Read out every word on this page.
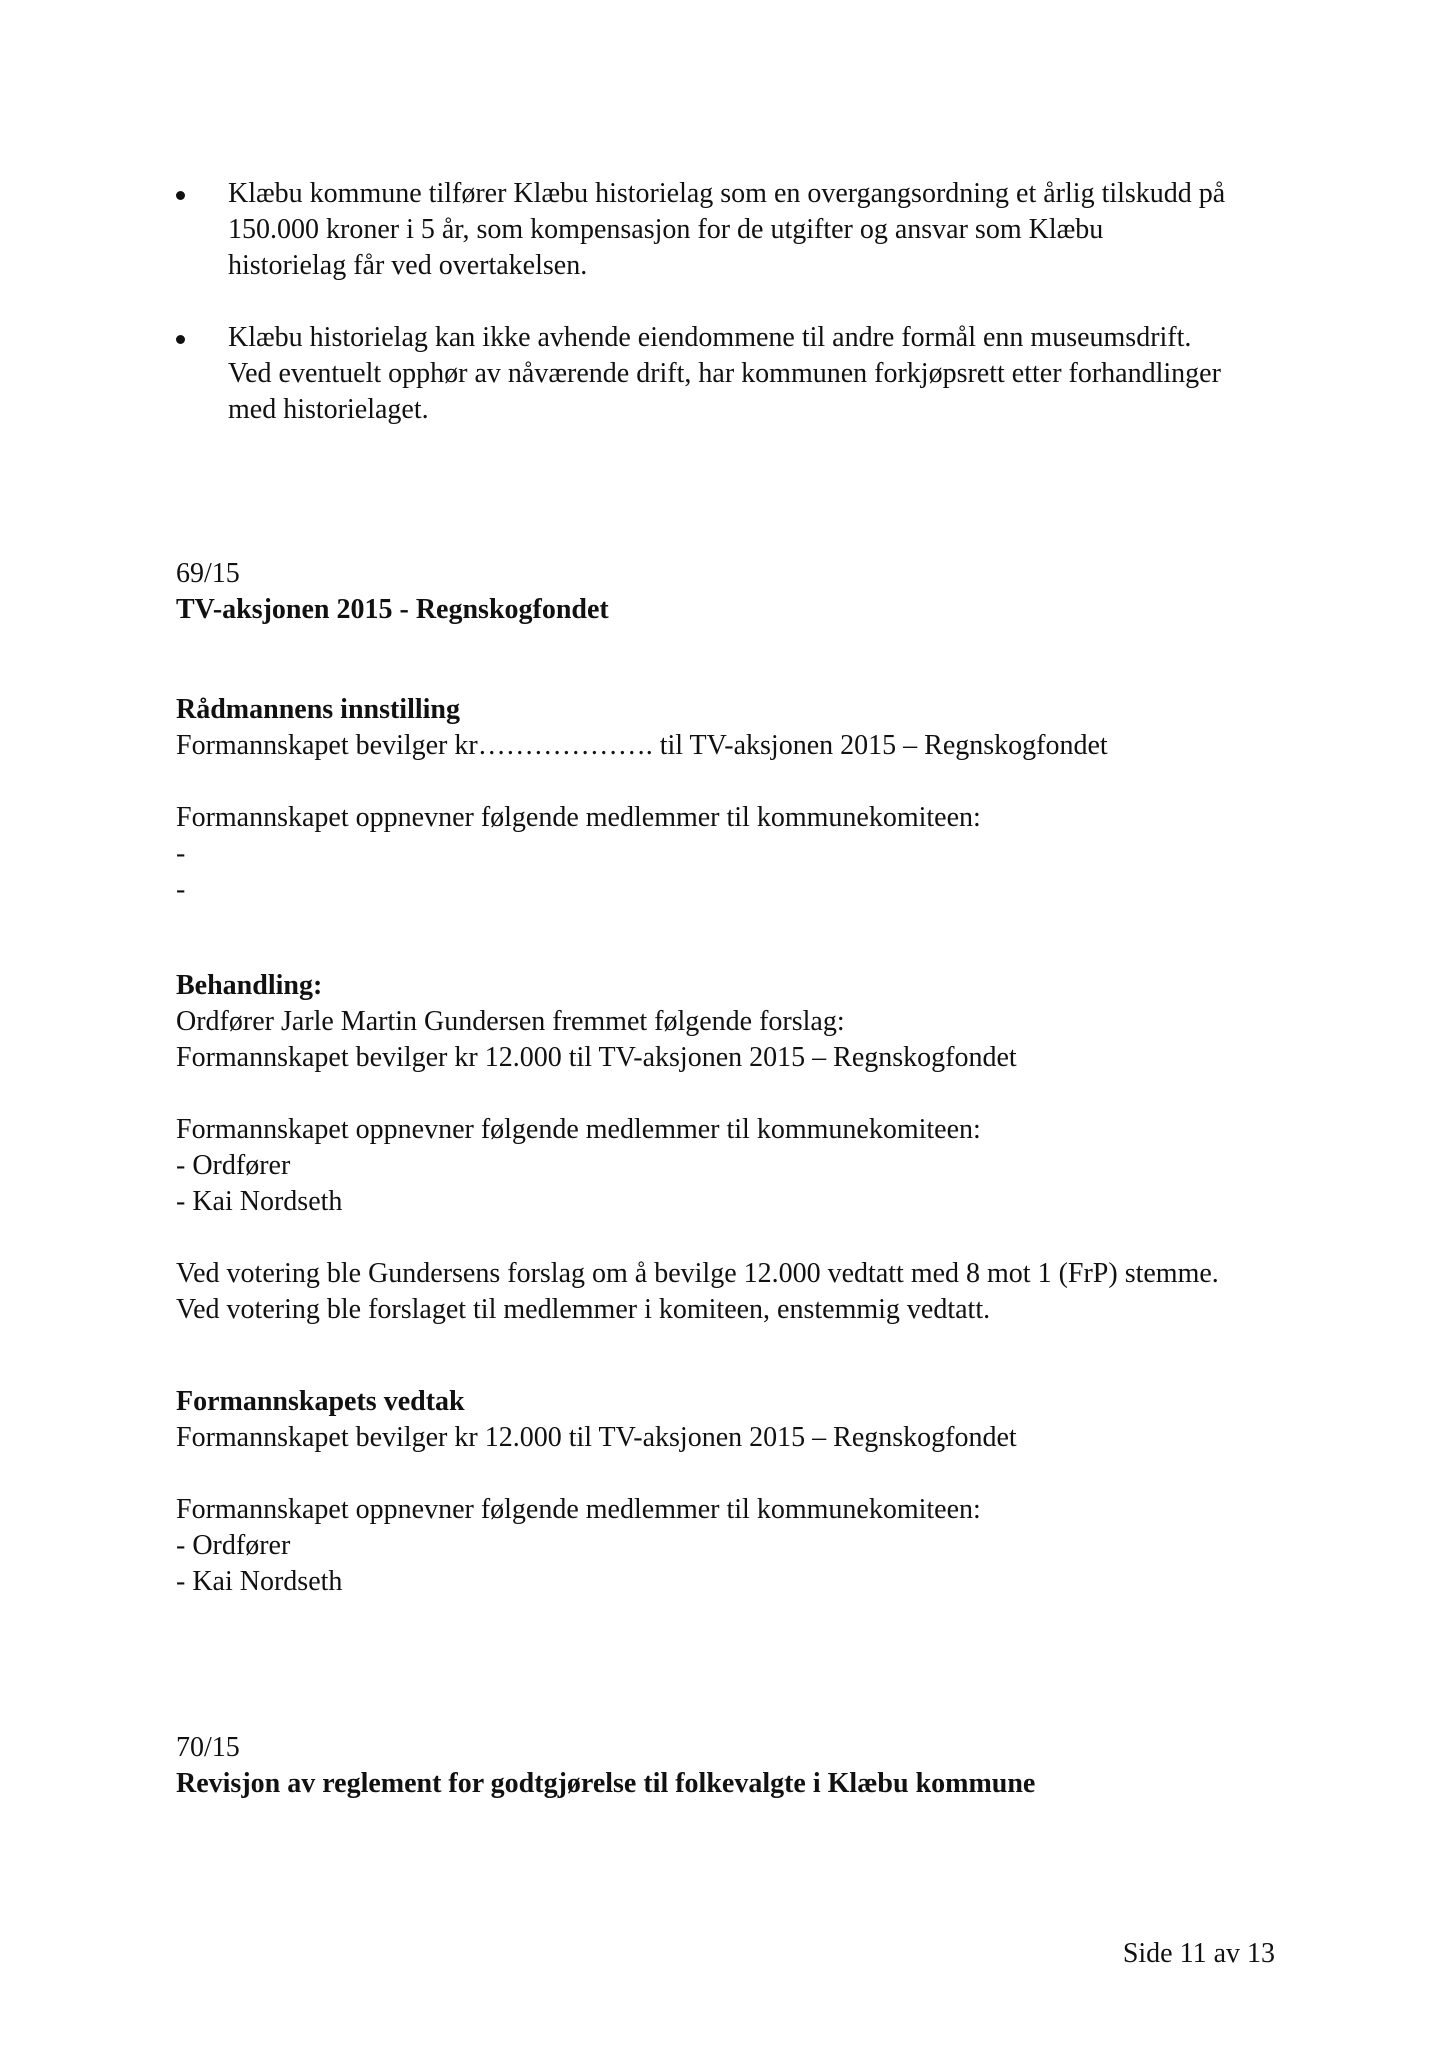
Klæbu kommune tilfører Klæbu historielag som en overgangsordning et årlig tilskudd på
150.000 kroner i 5 år, som kompensasjon for de utgifter og ansvar som Klæbu
historielag får ved overtakelsen.
Klæbu historielag kan ikke avhende eiendommene til andre formål enn museumsdrift.
Ved eventuelt opphør av nåværende drift, har kommunen forkjøpsrett etter forhandlinger
med historielaget.
69/15
TV-aksjonen 2015 - Regnskogfondet
Rådmannens innstilling
Formannskapet bevilger kr………………. til TV-aksjonen 2015 – Regnskogfondet
Formannskapet oppnevner følgende medlemmer til kommunekomiteen:
-
-
Behandling:
Ordfører Jarle Martin Gundersen fremmet følgende forslag:
Formannskapet bevilger kr 12.000 til TV-aksjonen 2015 – Regnskogfondet
Formannskapet oppnevner følgende medlemmer til kommunekomiteen:
- Ordfører
- Kai Nordseth
Ved votering ble Gundersens forslag om å bevilge 12.000 vedtatt med 8 mot 1 (FrP) stemme.
Ved votering ble forslaget til medlemmer i komiteen, enstemmig vedtatt.
Formannskapets vedtak
Formannskapet bevilger kr 12.000 til TV-aksjonen 2015 – Regnskogfondet
Formannskapet oppnevner følgende medlemmer til kommunekomiteen:
- Ordfører
- Kai Nordseth
70/15
Revisjon av reglement for godtgjørelse til folkevalgte i Klæbu kommune
Side 11 av 13
